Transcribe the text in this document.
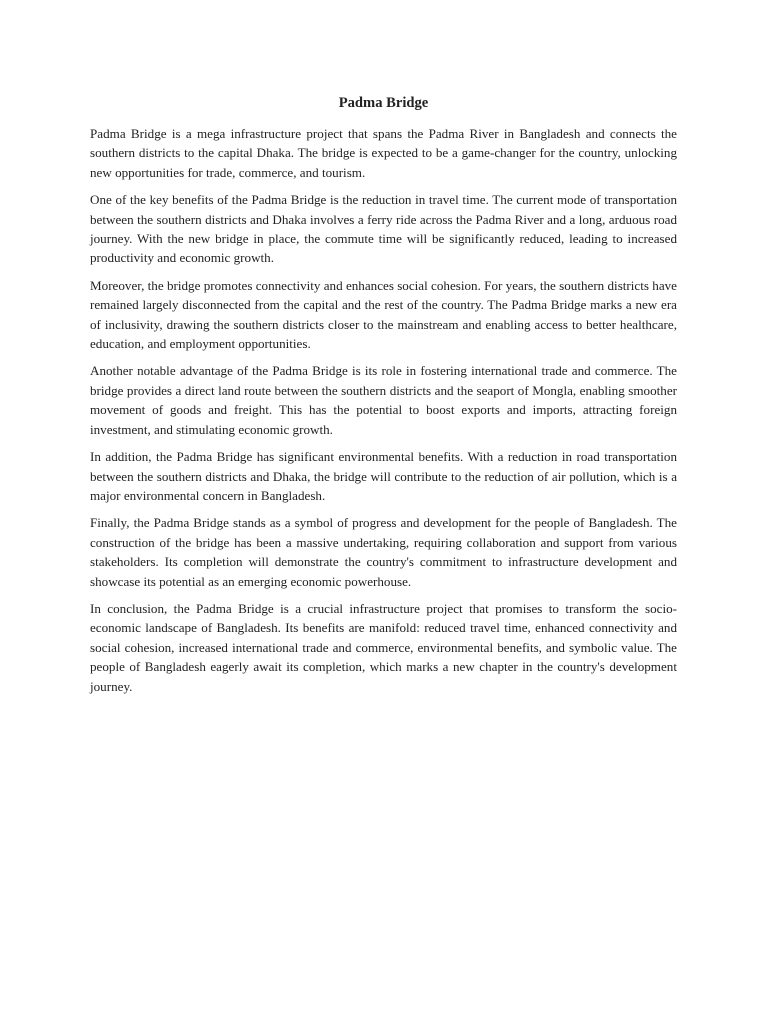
Padma Bridge

Padma Bridge is a mega infrastructure project that spans the Padma River in Bangladesh and connects the southern districts to the capital Dhaka. The bridge is expected to be a game-changer for the country, unlocking new opportunities for trade, commerce, and tourism.

One of the key benefits of the Padma Bridge is the reduction in travel time. The current mode of transportation between the southern districts and Dhaka involves a ferry ride across the Padma River and a long, arduous road journey. With the new bridge in place, the commute time will be significantly reduced, leading to increased productivity and economic growth.

Moreover, the bridge promotes connectivity and enhances social cohesion. For years, the southern districts have remained largely disconnected from the capital and the rest of the country. The Padma Bridge marks a new era of inclusivity, drawing the southern districts closer to the mainstream and enabling access to better healthcare, education, and employment opportunities.

Another notable advantage of the Padma Bridge is its role in fostering international trade and commerce. The bridge provides a direct land route between the southern districts and the seaport of Mongla, enabling smoother movement of goods and freight. This has the potential to boost exports and imports, attracting foreign investment, and stimulating economic growth.

In addition, the Padma Bridge has significant environmental benefits. With a reduction in road transportation between the southern districts and Dhaka, the bridge will contribute to the reduction of air pollution, which is a major environmental concern in Bangladesh.

Finally, the Padma Bridge stands as a symbol of progress and development for the people of Bangladesh. The construction of the bridge has been a massive undertaking, requiring collaboration and support from various stakeholders. Its completion will demonstrate the country's commitment to infrastructure development and showcase its potential as an emerging economic powerhouse.

In conclusion, the Padma Bridge is a crucial infrastructure project that promises to transform the socio-economic landscape of Bangladesh. Its benefits are manifold: reduced travel time, enhanced connectivity and social cohesion, increased international trade and commerce, environmental benefits, and symbolic value. The people of Bangladesh eagerly await its completion, which marks a new chapter in the country's development journey.
